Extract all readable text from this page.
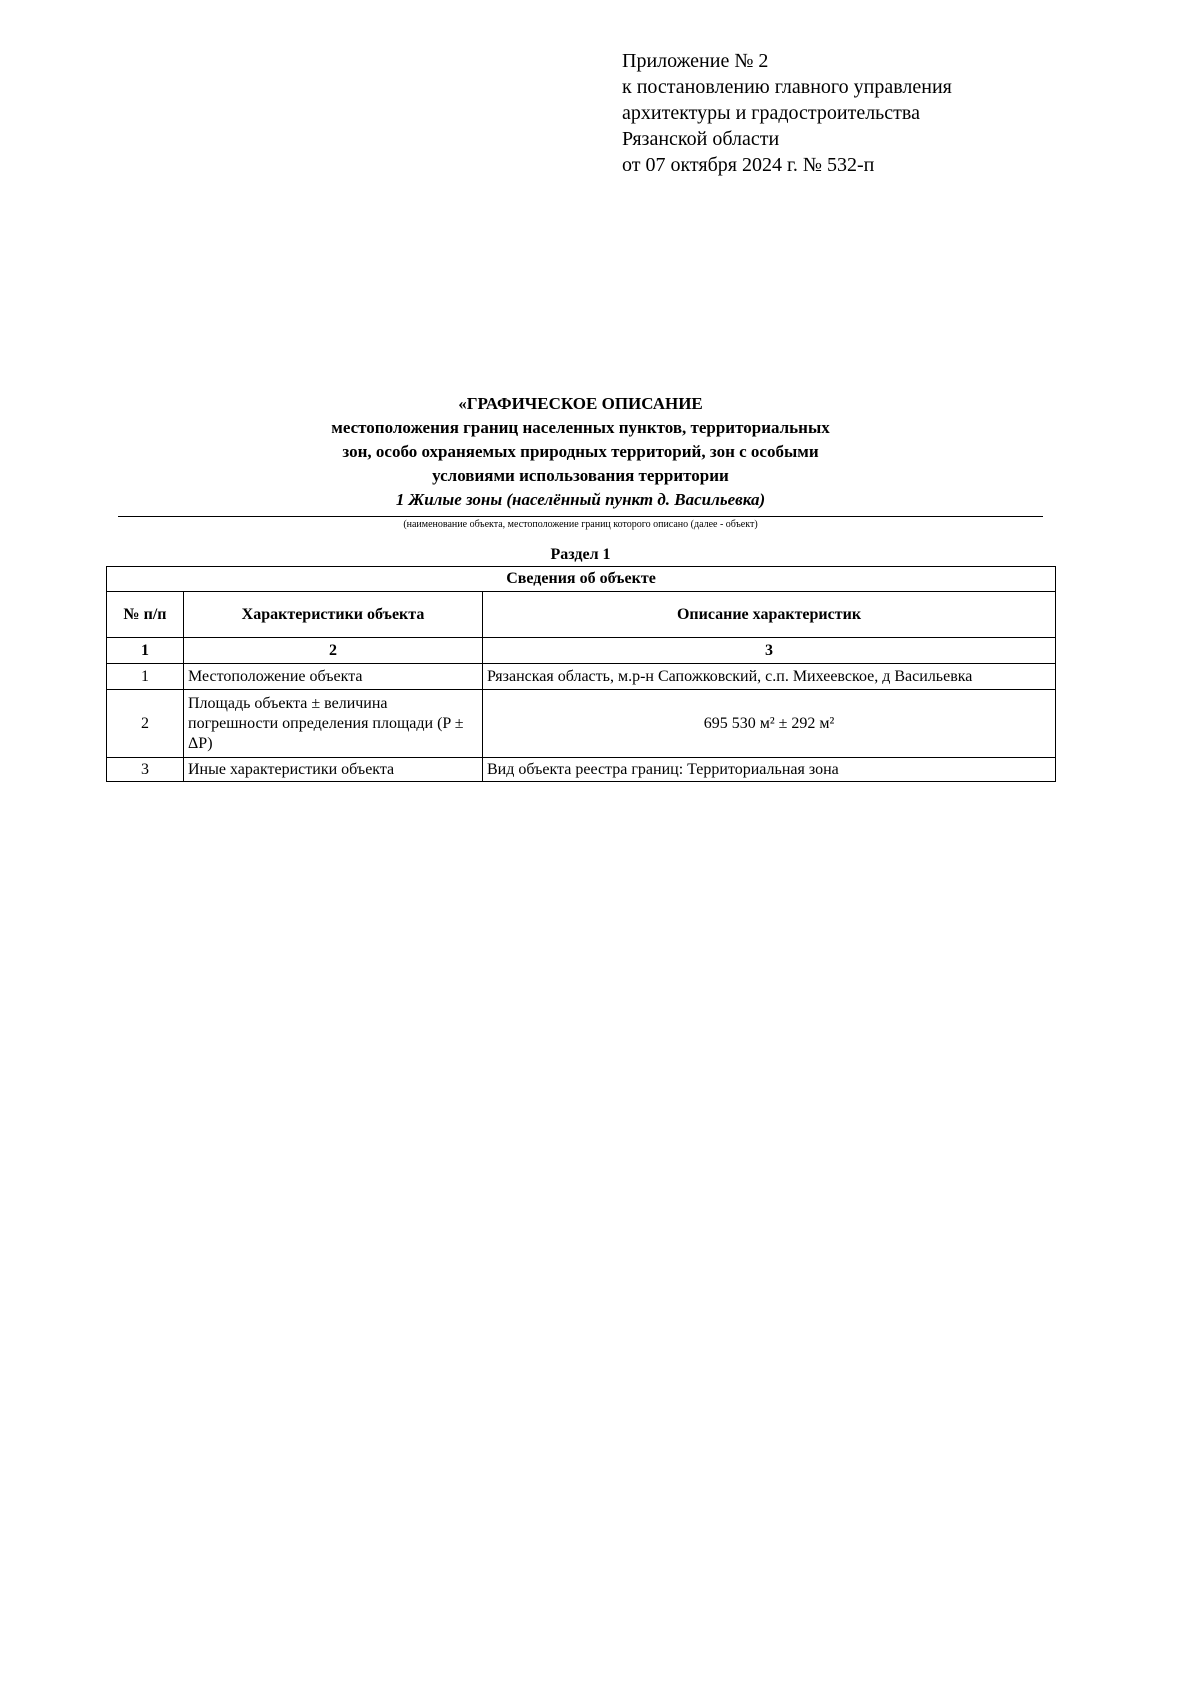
Приложение № 2
к постановлению главного управления
архитектуры и градостроительства
Рязанской области
от 07 октября 2024 г. № 532-п
«ГРАФИЧЕСКОЕ ОПИСАНИЕ
местоположения границ населенных пунктов, территориальных
зон, особо охраняемых природных территорий, зон с особыми
условиями использования территории
1 Жилые зоны (населённый пункт д. Васильевка)
(наименование объекта, местоположение границ которого описано (далее - объект)
Раздел 1
Сведения об объекте		
№ п/п	Характеристики объекта	Описание характеристик
1	2	3
1	Местоположение объекта	Рязанская область, м.р-н Сапожковский, с.п. Михеевское, д Васильевка
2	Площадь объекта ± величина погрешности определения площади (P ± ΔP)	695 530 м² ± 292 м²
3	Иные характеристики объекта	Вид объекта реестра границ: Территориальная зона
